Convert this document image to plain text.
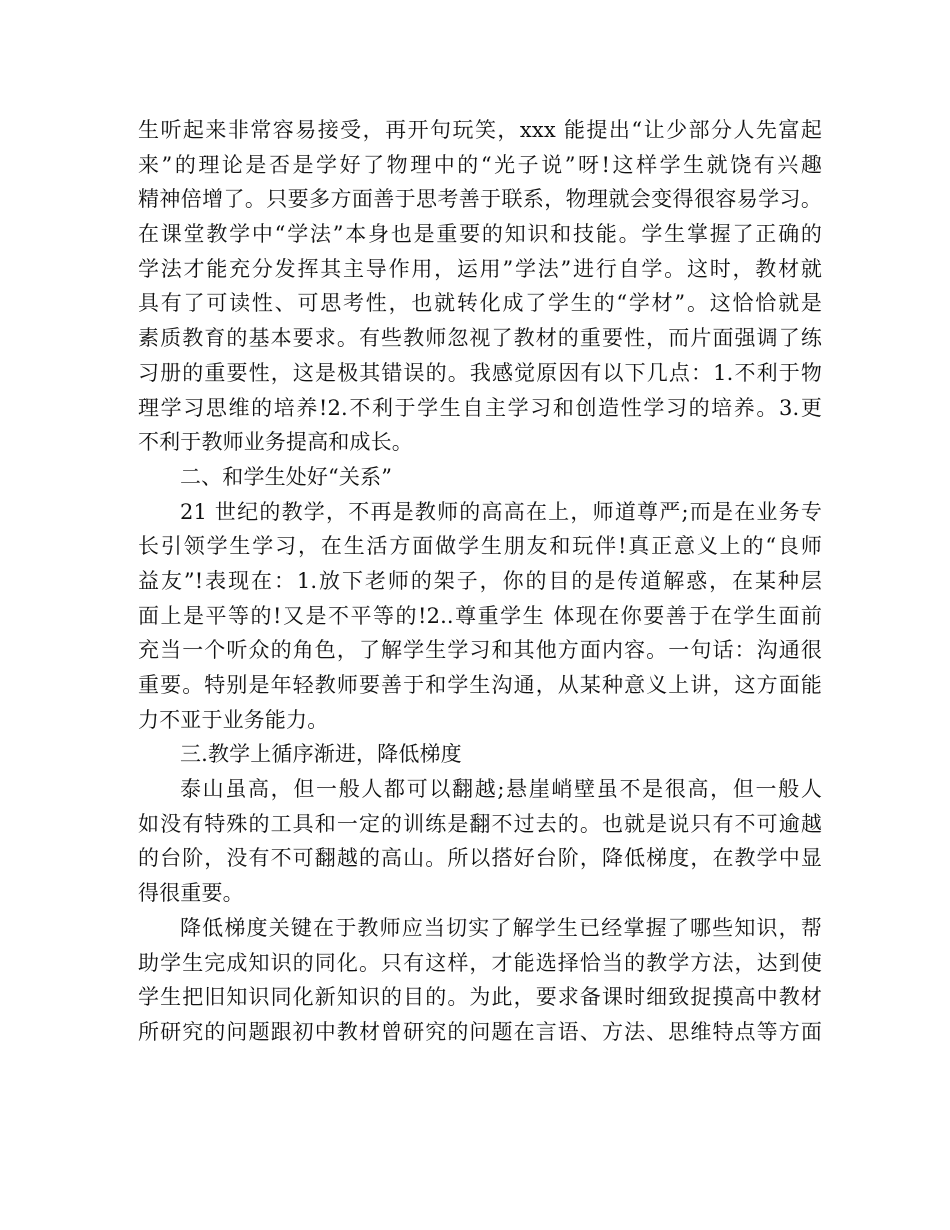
生听起来非常容易接受，再开句玩笑，xxx 能提出“让少部分人先富起
来”的理论是否是学好了物理中的“光子说”呀!这样学生就饶有兴趣
精神倍增了。只要多方面善于思考善于联系，物理就会变得很容易学习。
在课堂教学中“学法”本身也是重要的知识和技能。学生掌握了正确的
学法才能充分发挥其主导作用，运用”学法”进行自学。这时，教材就
具有了可读性、可思考性，也就转化成了学生的“学材”。这恰恰就是
素质教育的基本要求。有些教师忽视了教材的重要性，而片面强调了练
习册的重要性，这是极其错误的。我感觉原因有以下几点：1.不利于物
理学习思维的培养!2.不利于学生自主学习和创造性学习的培养。3.更
不利于教师业务提高和成长。
二、和学生处好“关系”
21 世纪的教学，不再是教师的高高在上，师道尊严;而是在业务专
长引领学生学习，在生活方面做学生朋友和玩伴!真正意义上的“良师
益友”!表现在：1.放下老师的架子，你的目的是传道解惑，在某种层
面上是平等的!又是不平等的!2..尊重学生 体现在你要善于在学生面前
充当一个听众的角色，了解学生学习和其他方面内容。一句话：沟通很
重要。特别是年轻教师要善于和学生沟通，从某种意义上讲，这方面能
力不亚于业务能力。
三.教学上循序渐进，降低梯度
泰山虽高，但一般人都可以翻越;悬崖峭壁虽不是很高，但一般人
如没有特殊的工具和一定的训练是翻不过去的。也就是说只有不可逾越
的台阶，没有不可翻越的高山。所以搭好台阶，降低梯度，在教学中显
得很重要。
降低梯度关键在于教师应当切实了解学生已经掌握了哪些知识，帮
助学生完成知识的同化。只有这样，才能选择恰当的教学方法，达到使
学生把旧知识同化新知识的目的。为此，要求备课时细致捉摸高中教材
所研究的问题跟初中教材曾研究的问题在言语、方法、思维特点等方面
